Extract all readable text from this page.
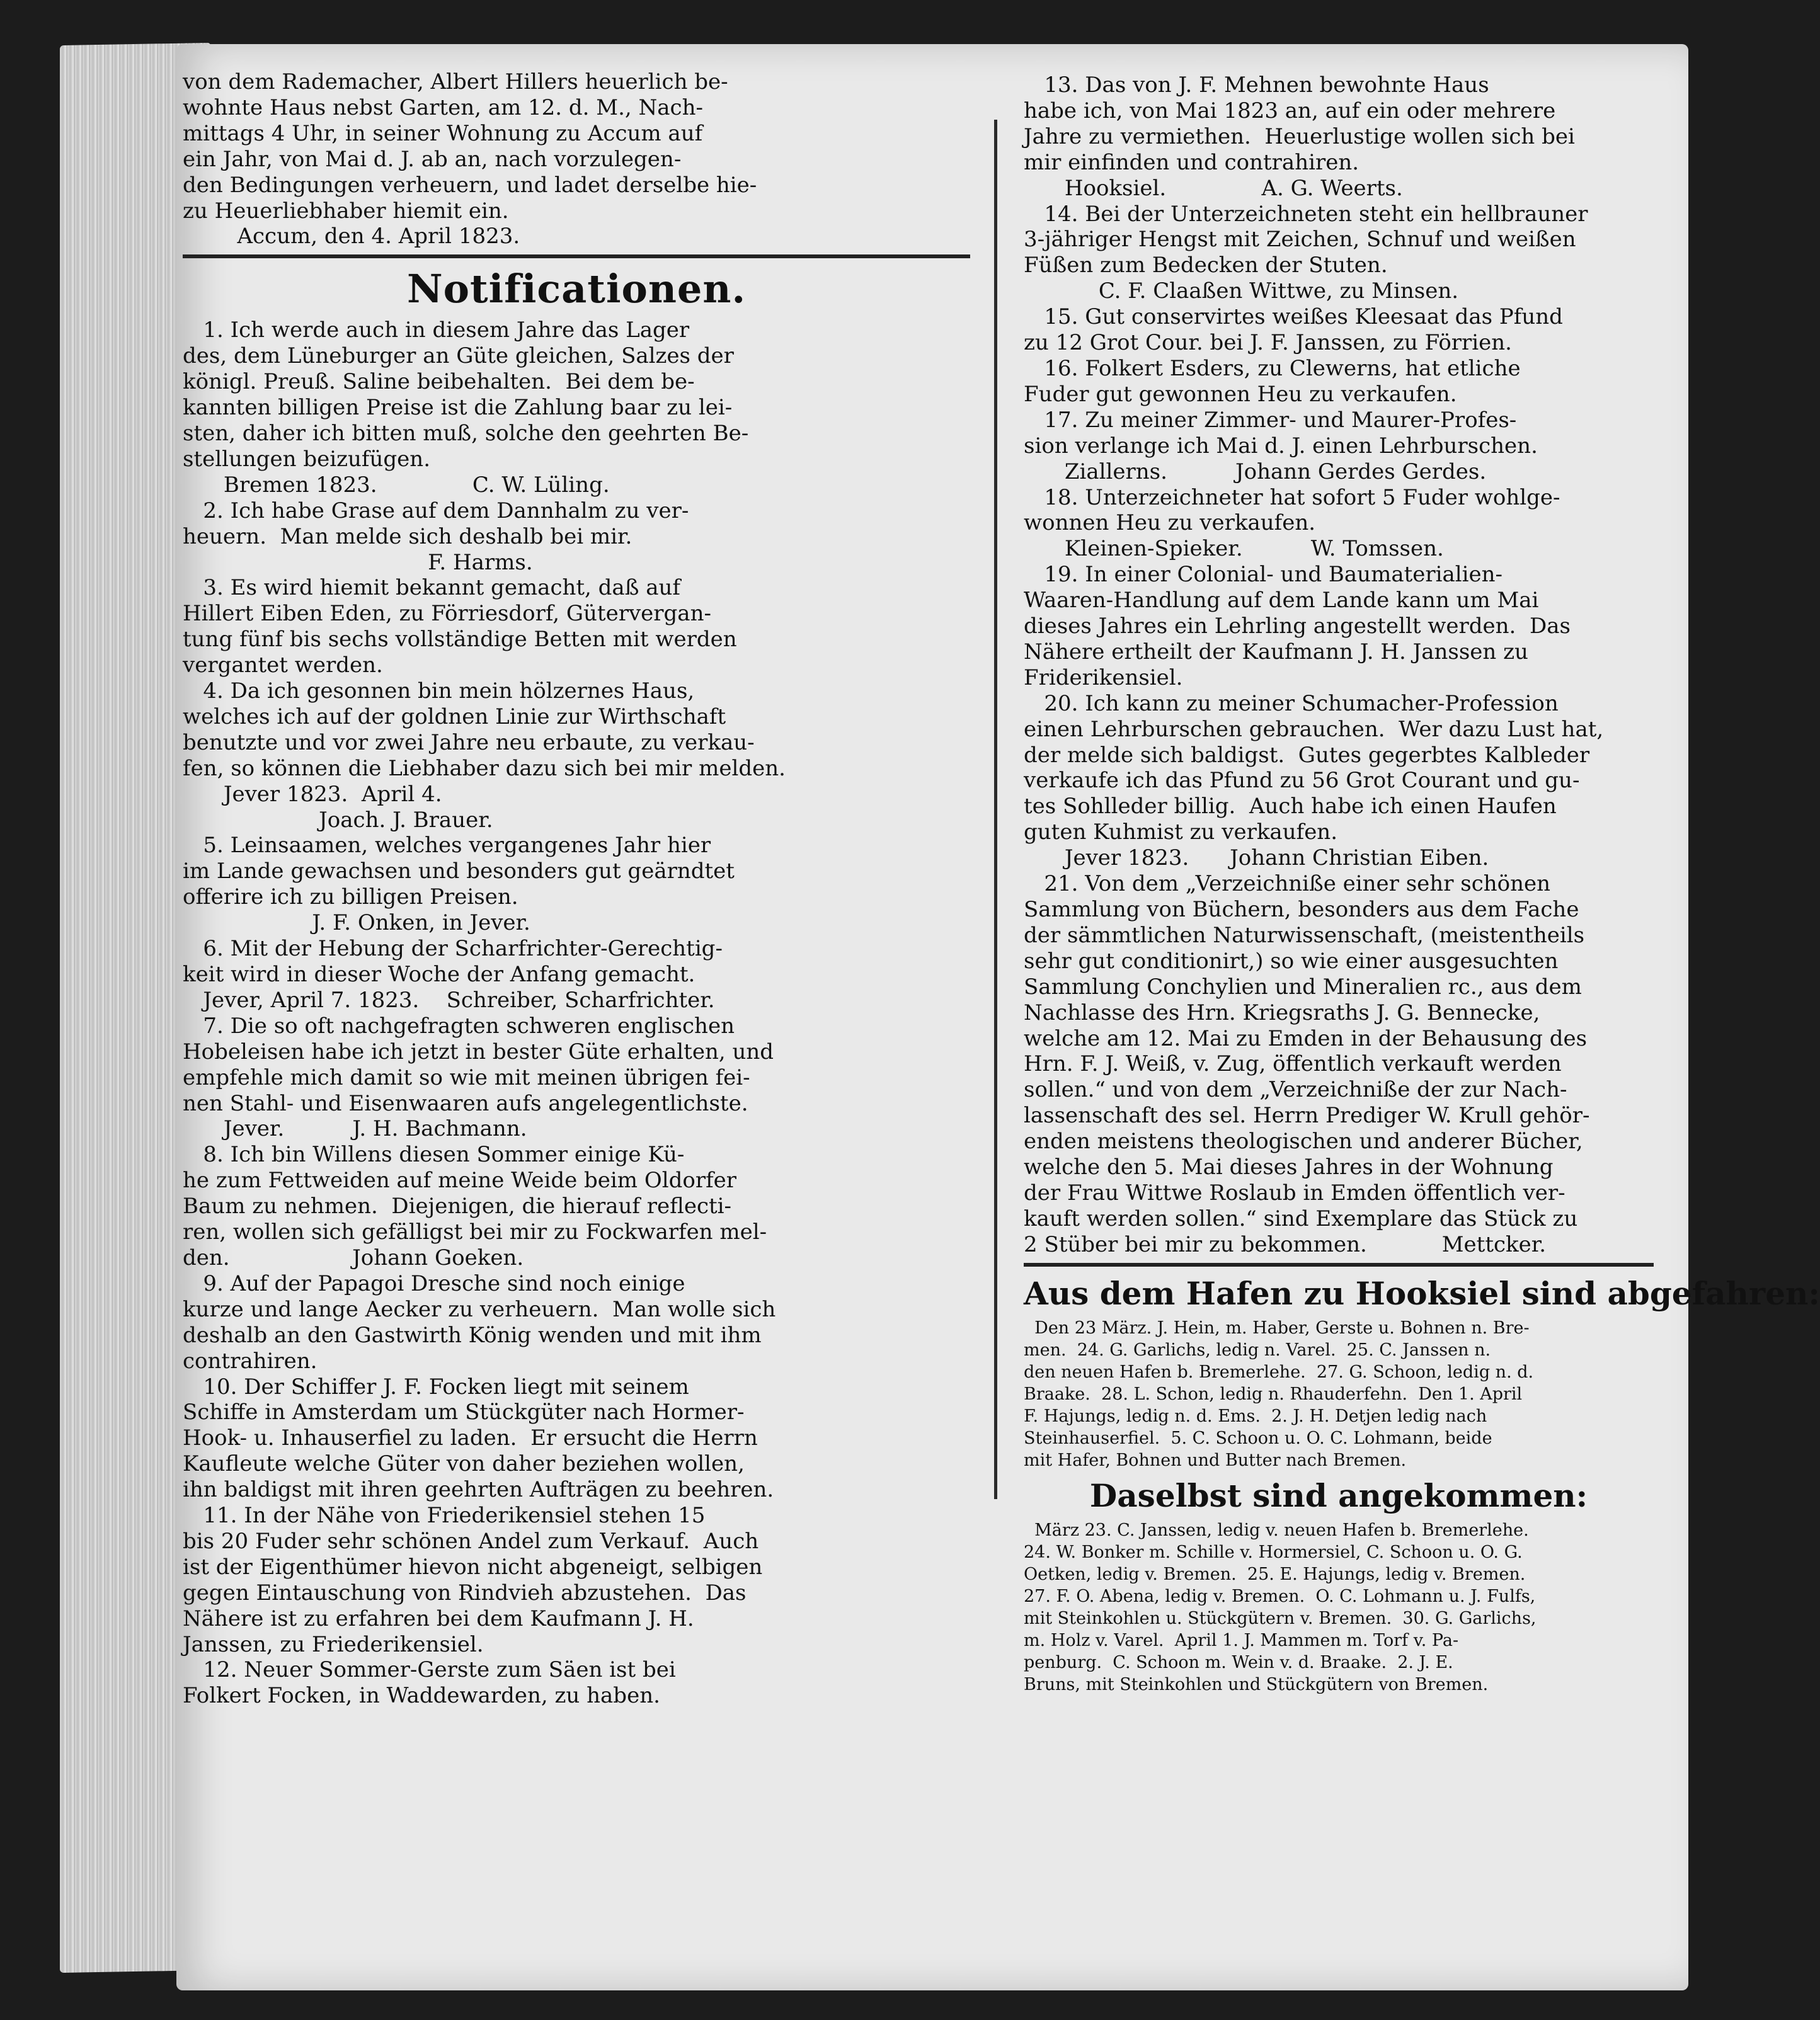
von dem Rademacher, Albert Hillers heuerlich be-

wohnte Haus nebst Garten, am 12. d. M., Nach-

mittags 4 Uhr, in seiner Wohnung zu Accum auf

ein Jahr, von Mai d. J. ab an, nach vorzulegen-

den Bedingungen verheuern, und ladet derselbe hie-

zu Heuerliebhaber hiemit ein.

Accum, den 4. April 1823.

Notificationen.

1. Ich werde auch in diesem Jahre das Lager

des, dem Lüneburger an Güte gleichen, Salzes der

königl. Preuß. Saline beibehalten.  Bei dem be-

kannten billigen Preise ist die Zahlung baar zu lei-

sten, daher ich bitten muß, solche den geehrten Be-

stellungen beizufügen.

Bremen 1823.              C. W. Lüling.

2. Ich habe Grase auf dem Dannhalm zu ver-

heuern.  Man melde sich deshalb bei mir.

F. Harms.

3. Es wird hiemit bekannt gemacht, daß auf

Hillert Eiben Eden, zu Förriesdorf, Gütervergan-

tung fünf bis sechs vollständige Betten mit werden

vergantet werden.

4. Da ich gesonnen bin mein hölzernes Haus,

welches ich auf der goldnen Linie zur Wirthschaft

benutzte und vor zwei Jahre neu erbaute, zu verkau-

fen, so können die Liebhaber dazu sich bei mir melden.

Jever 1823.  April 4.

Joach. J. Brauer.

5. Leinsaamen, welches vergangenes Jahr hier

im Lande gewachsen und besonders gut geärndtet

offerire ich zu billigen Preisen.

J. F. Onken, in Jever.

6. Mit der Hebung der Scharfrichter-Gerechtig-

keit wird in dieser Woche der Anfang gemacht.

Jever, April 7. 1823.    Schreiber, Scharfrichter.

7. Die so oft nachgefragten schweren englischen

Hobeleisen habe ich jetzt in bester Güte erhalten, und

empfehle mich damit so wie mit meinen übrigen fei-

nen Stahl- und Eisenwaaren aufs angelegentlichste.

Jever.          J. H. Bachmann.

8. Ich bin Willens diesen Sommer einige Kü-

he zum Fettweiden auf meine Weide beim Oldorfer

Baum zu nehmen.  Diejenigen, die hierauf reflecti-

ren, wollen sich gefälligst bei mir zu Fockwarfen mel-

den.                  Johann Goeken.

9. Auf der Papagoi Dresche sind noch einige

kurze und lange Aecker zu verheuern.  Man wolle sich

deshalb an den Gastwirth König wenden und mit ihm

contrahiren.

10. Der Schiffer J. F. Focken liegt mit seinem

Schiffe in Amsterdam um Stückgüter nach Hormer-

Hook- u. Inhauserfiel zu laden.  Er ersucht die Herrn

Kaufleute welche Güter von daher beziehen wollen,

ihn baldigst mit ihren geehrten Aufträgen zu beehren.

11. In der Nähe von Friederikensiel stehen 15

bis 20 Fuder sehr schönen Andel zum Verkauf.  Auch

ist der Eigenthümer hievon nicht abgeneigt, selbigen

gegen Eintauschung von Rindvieh abzustehen.  Das

Nähere ist zu erfahren bei dem Kaufmann J. H.

Janssen, zu Friederikensiel.

12. Neuer Sommer-Gerste zum Säen ist bei

Folkert Focken, in Waddewarden, zu haben.

13. Das von J. F. Mehnen bewohnte Haus

habe ich, von Mai 1823 an, auf ein oder mehrere

Jahre zu vermiethen.  Heuerlustige wollen sich bei

mir einfinden und contrahiren.

Hooksiel.              A. G. Weerts.

14. Bei der Unterzeichneten steht ein hellbrauner

3-jähriger Hengst mit Zeichen, Schnuf und weißen

Füßen zum Bedecken der Stuten.

C. F. Claaßen Wittwe, zu Minsen.

15. Gut conservirtes weißes Kleesaat das Pfund

zu 12 Grot Cour. bei J. F. Janssen, zu Förrien.

16. Folkert Esders, zu Clewerns, hat etliche

Fuder gut gewonnen Heu zu verkaufen.

17. Zu meiner Zimmer- und Maurer-Profes-

sion verlange ich Mai d. J. einen Lehrburschen.

Ziallerns.          Johann Gerdes Gerdes.

18. Unterzeichneter hat sofort 5 Fuder wohlge-

wonnen Heu zu verkaufen.

Kleinen-Spieker.          W. Tomssen.

19. In einer Colonial- und Baumaterialien-

Waaren-Handlung auf dem Lande kann um Mai

dieses Jahres ein Lehrling angestellt werden.  Das

Nähere ertheilt der Kaufmann J. H. Janssen zu

Friderikensiel.

20. Ich kann zu meiner Schumacher-Profession

einen Lehrburschen gebrauchen.  Wer dazu Lust hat,

der melde sich baldigst.  Gutes gegerbtes Kalbleder

verkaufe ich das Pfund zu 56 Grot Courant und gu-

tes Sohlleder billig.  Auch habe ich einen Haufen

guten Kuhmist zu verkaufen.

Jever 1823.      Johann Christian Eiben.

21. Von dem „Verzeichniße einer sehr schönen

Sammlung von Büchern, besonders aus dem Fache

der sämmtlichen Naturwissenschaft, (meistentheils

sehr gut conditionirt,) so wie einer ausgesuchten

Sammlung Conchylien und Mineralien rc., aus dem

Nachlasse des Hrn. Kriegsraths J. G. Bennecke,

welche am 12. Mai zu Emden in der Behausung des

Hrn. F. J. Weiß, v. Zug, öffentlich verkauft werden

sollen.“ und von dem „Verzeichniße der zur Nach-

lassenschaft des sel. Herrn Prediger W. Krull gehör-

enden meistens theologischen und anderer Bücher,

welche den 5. Mai dieses Jahres in der Wohnung

der Frau Wittwe Roslaub in Emden öffentlich ver-

kauft werden sollen.“ sind Exemplare das Stück zu

2 Stüber bei mir zu bekommen.           Mettcker.

Aus dem Hafen zu Hooksiel sind abgefahren:

Den 23 März. J. Hein, m. Haber, Gerste u. Bohnen n. Bre-

men.  24. G. Garlichs, ledig n. Varel.  25. C. Janssen n.

den neuen Hafen b. Bremerlehe.  27. G. Schoon, ledig n. d.

Braake.  28. L. Schon, ledig n. Rhauderfehn.  Den 1. April

F. Hajungs, ledig n. d. Ems.  2. J. H. Detjen ledig nach

Steinhauserfiel.  5. C. Schoon u. O. C. Lohmann, beide

mit Hafer, Bohnen und Butter nach Bremen.

Daselbst sind angekommen:

März 23. C. Janssen, ledig v. neuen Hafen b. Bremerlehe.

24. W. Bonker m. Schille v. Hormersiel, C. Schoon u. O. G.

Oetken, ledig v. Bremen.  25. E. Hajungs, ledig v. Bremen.

27. F. O. Abena, ledig v. Bremen.  O. C. Lohmann u. J. Fulfs,

mit Steinkohlen u. Stückgütern v. Bremen.  30. G. Garlichs,

m. Holz v. Varel.  April 1. J. Mammen m. Torf v. Pa-

penburg.  C. Schoon m. Wein v. d. Braake.  2. J. E.

Bruns, mit Steinkohlen und Stückgütern von Bremen.
